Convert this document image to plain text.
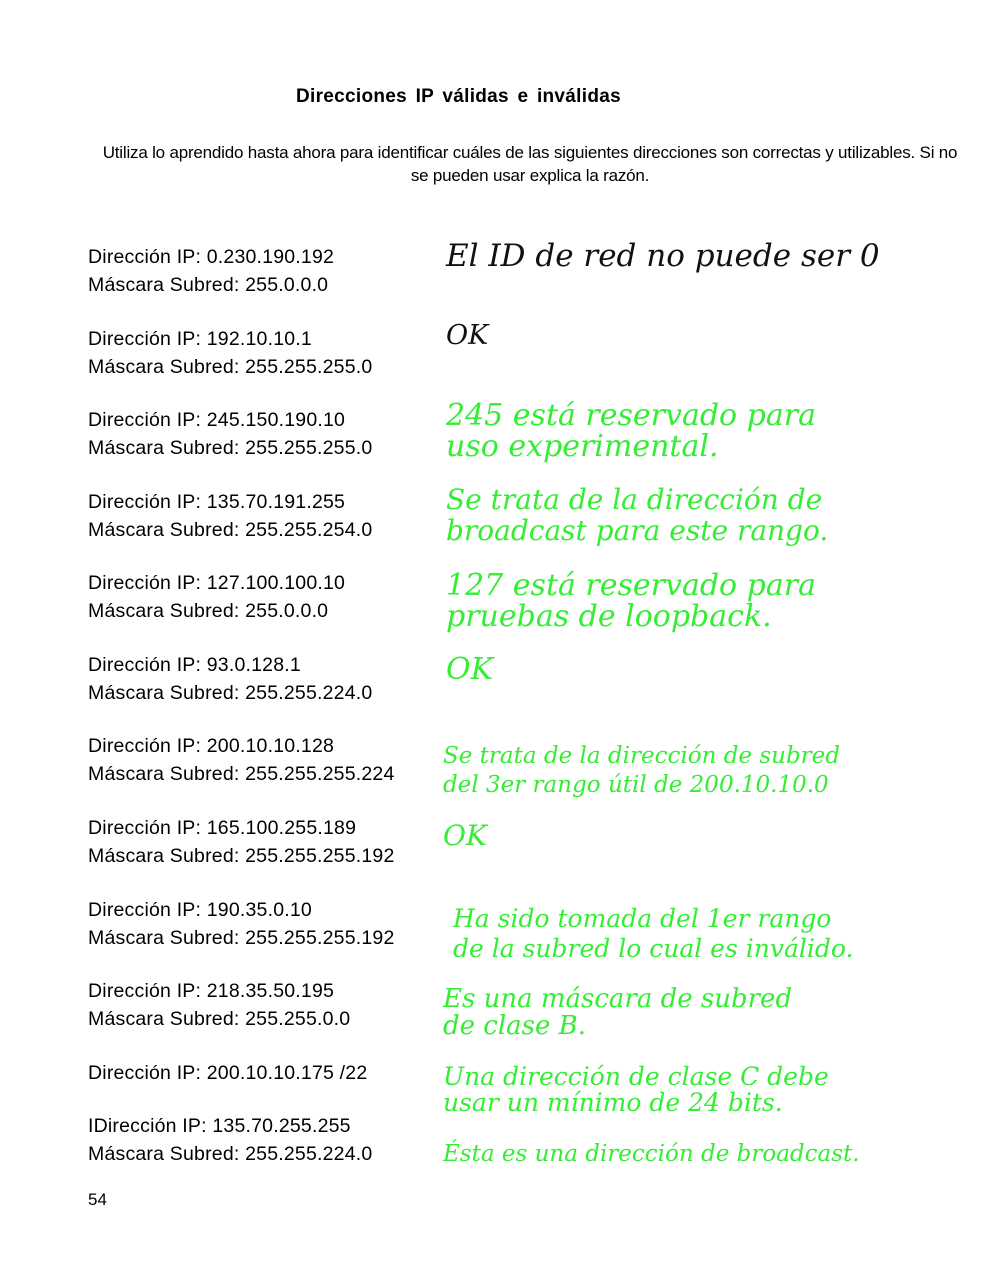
Direcciones IP válidas e inválidas
Utiliza lo aprendido hasta ahora para identificar cuáles de las siguientes direcciones son correctas y utilizables. Si no se pueden usar explica la razón.
Dirección IP: 0.230.190.192
Máscara Subred: 255.0.0.0
El ID de red no puede ser 0
Dirección IP: 192.10.10.1
Máscara Subred: 255.255.255.0
OK
Dirección IP: 245.150.190.10
Máscara Subred: 255.255.255.0
245 está reservado para
uso experimental.
Dirección IP: 135.70.191.255
Máscara Subred: 255.255.254.0
Se trata de la dirección de
broadcast para este rango.
Dirección IP: 127.100.100.10
Máscara Subred: 255.0.0.0
127 está reservado para
pruebas de loopback.
Dirección IP: 93.0.128.1
Máscara Subred: 255.255.224.0
OK
Dirección IP: 200.10.10.128
Máscara Subred: 255.255.255.224
Se trata de la dirección de subred
del 3er rango útil de 200.10.10.0
Dirección IP: 165.100.255.189
Máscara Subred: 255.255.255.192
OK
Dirección IP: 190.35.0.10
Máscara Subred: 255.255.255.192
Ha sido tomada del 1er rango
de la subred lo cual es inválido.
Dirección IP: 218.35.50.195
Máscara Subred: 255.255.0.0
Es una máscara de subred
de clase B.
Dirección IP: 200.10.10.175 /22	Una dirección de clase C debe
usar un mínimo de 24 bits.
IDirección IP: 135.70.255.255
Máscara Subred: 255.255.224.0	Ésta es una dirección de broadcast.
54
